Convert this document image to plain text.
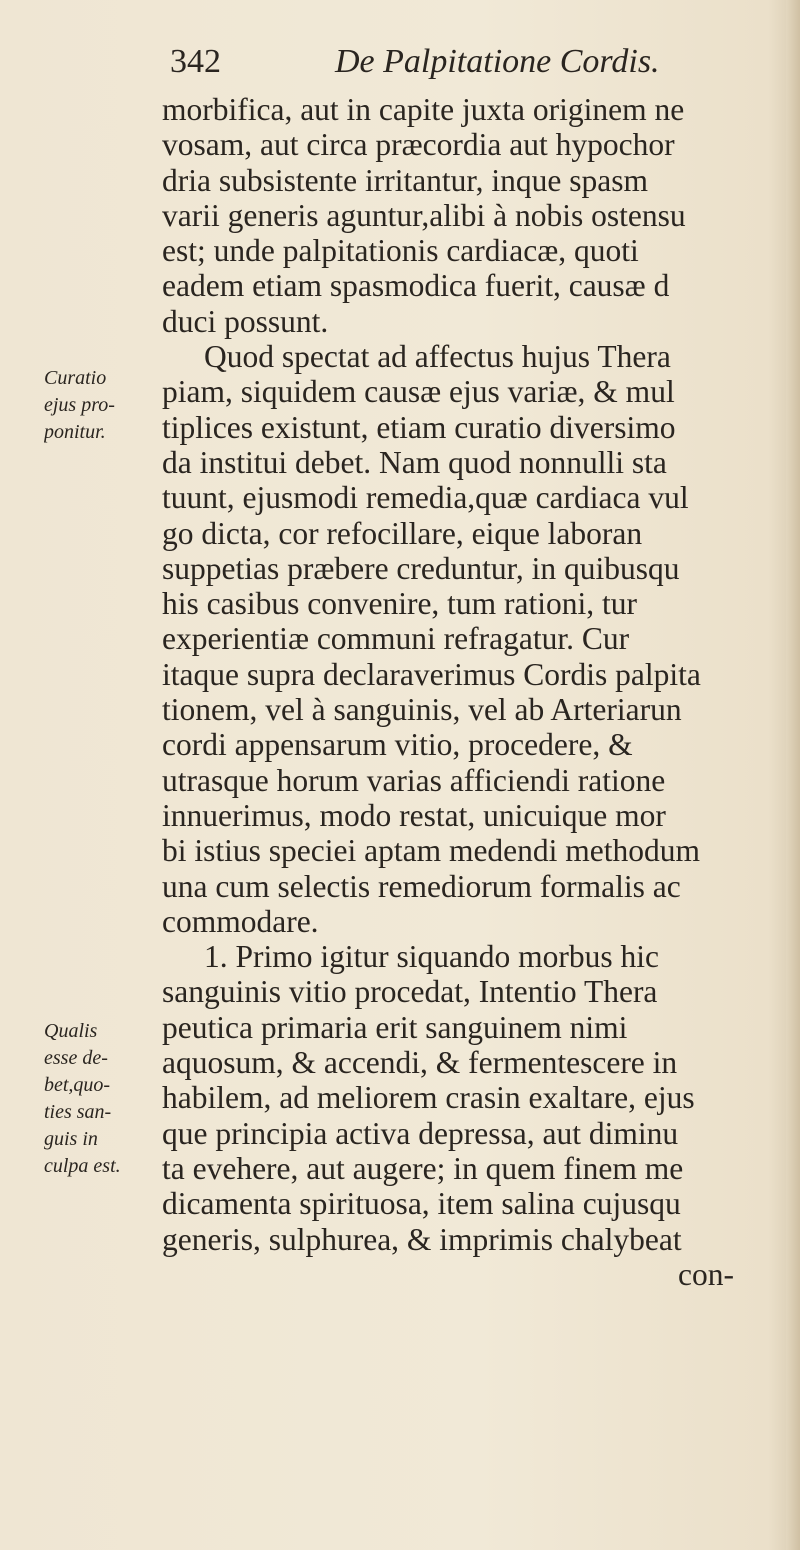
342	De Palpitatione Cordis.
Curatio
ejus pro-
ponitur.
Qualis
esse de-
bet,quo-
ties san-
guis in
culpa est.
morbifica, aut in capite juxta originem ne
vosam, aut circa præcordia aut hypochor
dria subsistente irritantur, inque spasm
varii generis aguntur,alibi à nobis ostensu
est; unde palpitationis cardiacæ, quoti
eadem etiam spasmodica fuerit, causæ d
duci possunt.
Quod spectat ad affectus hujus Thera
piam, siquidem causæ ejus variæ, & mul
tiplices existunt, etiam curatio diversimo
da institui debet. Nam quod nonnulli sta
tuunt, ejusmodi remedia,quæ cardiaca vul
go dicta, cor refocillare, eique laboran
suppetias præbere creduntur, in quibusqu
his casibus convenire, tum rationi, tur
experientiæ communi refragatur. Cur
itaque supra declaraverimus Cordis palpita
tionem, vel à sanguinis, vel ab Arteriarun
cordi appensarum vitio, procedere, &
utrasque horum varias afficiendi ratione
innuerimus, modo restat, unicuique mor
bi istius speciei aptam medendi methodum
una cum selectis remediorum formalis ac
commodare.
1. Primo igitur siquando morbus hic
sanguinis vitio procedat, Intentio Thera
peutica primaria erit sanguinem nimi
aquosum, & accendi, & fermentescere in
habilem, ad meliorem crasin exaltare, ejus
que principia activa depressa, aut diminu
ta evehere, aut augere; in quem finem me
dicamenta spirituosa, item salina cujusqu
generis, sulphurea, & imprimis chalybeat
con-
